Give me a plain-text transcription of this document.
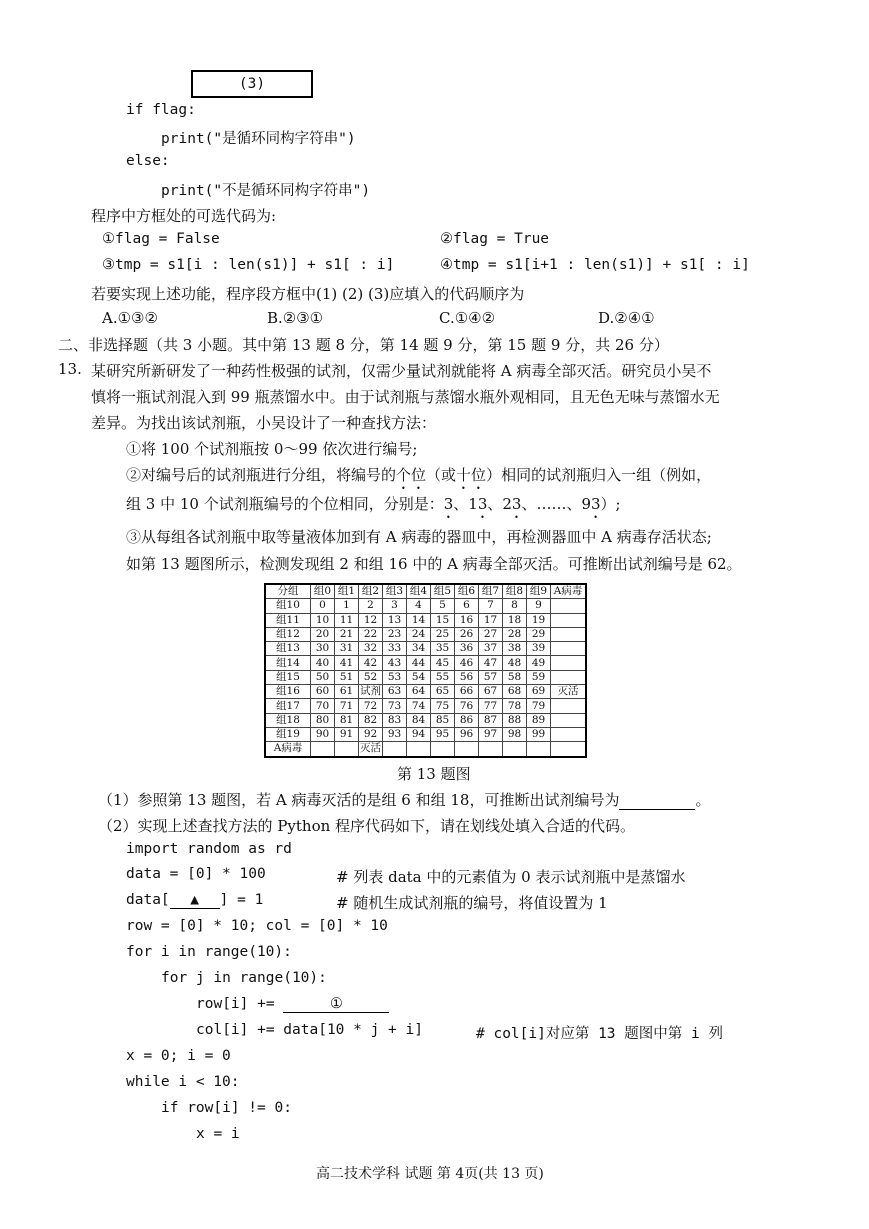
(3)
if flag:
print("是循环同构字符串")
else:
print("不是循环同构字符串")
程序中方框处的可选代码为:
①flag = False	②flag = True
③tmp = s1[i : len(s1)] + s1[ : i]	④tmp = s1[i+1 : len(s1)] + s1[ : i]
若要实现上述功能，程序段方框中(1) (2) (3)应填入的代码顺序为
A.①③②	B.②③①	C.①④②	D.②④①
二、非选择题（共 3 小题。其中第 13 题 8 分，第 14 题 9 分，第 15 题 9 分，共 26 分）
13. 某研究所新研发了一种药性极强的试剂，仅需少量试剂就能将 A 病毒全部灭活。研究员小吴不
慎将一瓶试剂混入到 99 瓶蒸馏水中。由于试剂瓶与蒸馏水瓶外观相同，且无色无味与蒸馏水无
差异。为找出该试剂瓶，小吴设计了一种查找方法：
①将 100 个试剂瓶按 0～99 依次进行编号;
②对编号后的试剂瓶进行分组，将编号的个位（或十位）相同的试剂瓶归入一组（例如，
组 3 中 10 个试剂瓶编号的个位相同，分别是：3、13、23、……、93）;
③从每组各试剂瓶中取等量液体加到有 A 病毒的器皿中，再检测器皿中 A 病毒存活状态;
如第 13 题图所示，检测发现组 2 和组 16 中的 A 病毒全部灭活。可推断出试剂编号是 62。
分组	组0	组1	组2	组3	组4	组5	组6	组7	组8	组9	A病毒
组10	0	1	2	3	4	5	6	7	8	9	
组11	10	11	12	13	14	15	16	17	18	19	
组12	20	21	22	23	24	25	26	27	28	29	
组13	30	31	32	33	34	35	36	37	38	39	
组14	40	41	42	43	44	45	46	47	48	49	
组15	50	51	52	53	54	55	56	57	58	59	
组16	60	61	试剂	63	64	65	66	67	68	69	灭活
组17	70	71	72	73	74	75	76	77	78	79	
组18	80	81	82	83	84	85	86	87	88	89	
组19	90	91	92	93	94	95	96	97	98	99	
A病毒			灭活								
第 13 题图
（1）参照第 13 题图，若 A 病毒灭活的是组 6 和组 18，可推断出试剂编号为	。
（2）实现上述查找方法的 Python 程序代码如下，请在划线处填入合适的代码。
import random as rd
data = [0] * 100	# 列表 data 中的元素值为 0 表示试剂瓶中是蒸馏水
data[ ▲ ] = 1	# 随机生成试剂瓶的编号，将值设置为 1
row = [0] * 10; col = [0] * 10
for i in range(10):
for j in range(10):
row[i] +=	①
col[i] += data[10 * j + i]	# col[i]对应第 13 题图中第 i 列
x = 0; i = 0
while i < 10:
if row[i] != 0:
x = i
高二技术学科 试题 第 4页(共 13 页)
